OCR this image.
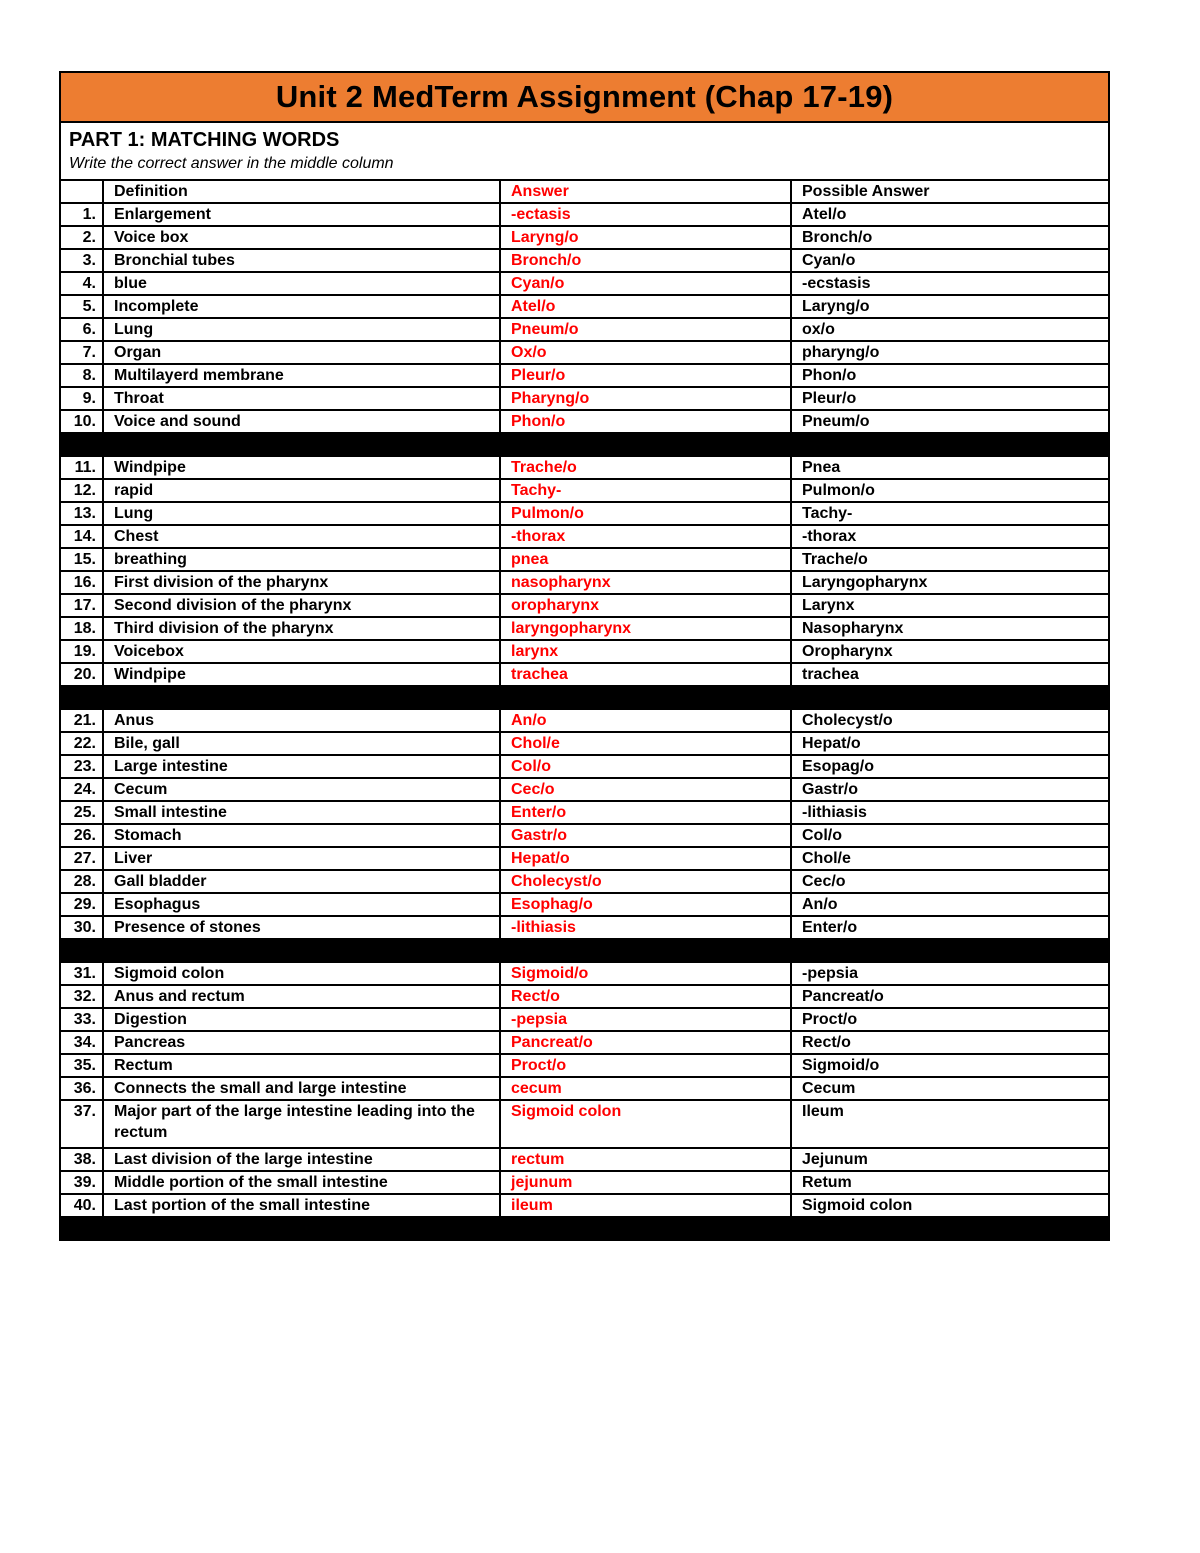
Unit 2 MedTerm Assignment (Chap 17-19)
PART 1: MATCHING WORDS
Write the correct answer in the middle column
	Definition	Answer	Possible Answer
1.	Enlargement	-ectasis	Atel/o
2.	Voice box	Laryng/o	Bronch/o
3.	Bronchial tubes	Bronch/o	Cyan/o
4.	blue	Cyan/o	-ecstasis
5.	Incomplete	Atel/o	Laryng/o
6.	Lung	Pneum/o	ox/o
7.	Organ	Ox/o	pharyng/o
8.	Multilayerd membrane	Pleur/o	Phon/o
9.	Throat	Pharyng/o	Pleur/o
10.	Voice and sound	Phon/o	Pneum/o

11.	Windpipe	Trache/o	Pnea
12.	rapid	Tachy-	Pulmon/o
13.	Lung	Pulmon/o	Tachy-
14.	Chest	-thorax	-thorax
15.	breathing	pnea	Trache/o
16.	First division of the pharynx	nasopharynx	Laryngopharynx
17.	Second division of the pharynx	oropharynx	Larynx
18.	Third division of the pharynx	laryngopharynx	Nasopharynx
19.	Voicebox	larynx	Oropharynx
20.	Windpipe	trachea	trachea

21.	Anus	An/o	Cholecyst/o
22.	Bile, gall	Chol/e	Hepat/o
23.	Large intestine	Col/o	Esopag/o
24.	Cecum	Cec/o	Gastr/o
25.	Small intestine	Enter/o	-lithiasis
26.	Stomach	Gastr/o	Col/o
27.	Liver	Hepat/o	Chol/e
28.	Gall bladder	Cholecyst/o	Cec/o
29.	Esophagus	Esophag/o	An/o
30.	Presence of stones	-lithiasis	Enter/o

31.	Sigmoid colon	Sigmoid/o	-pepsia
32.	Anus and rectum	Rect/o	Pancreat/o
33.	Digestion	-pepsia	Proct/o
34.	Pancreas	Pancreat/o	Rect/o
35.	Rectum	Proct/o	Sigmoid/o
36.	Connects the small and large intestine	cecum	Cecum
37.	Major part of the large intestine leading into the rectum	Sigmoid colon	Ileum
38.	Last division of the large intestine	rectum	Jejunum
39.	Middle portion of the small intestine	jejunum	Retum
40.	Last portion of the small intestine	ileum	Sigmoid colon
